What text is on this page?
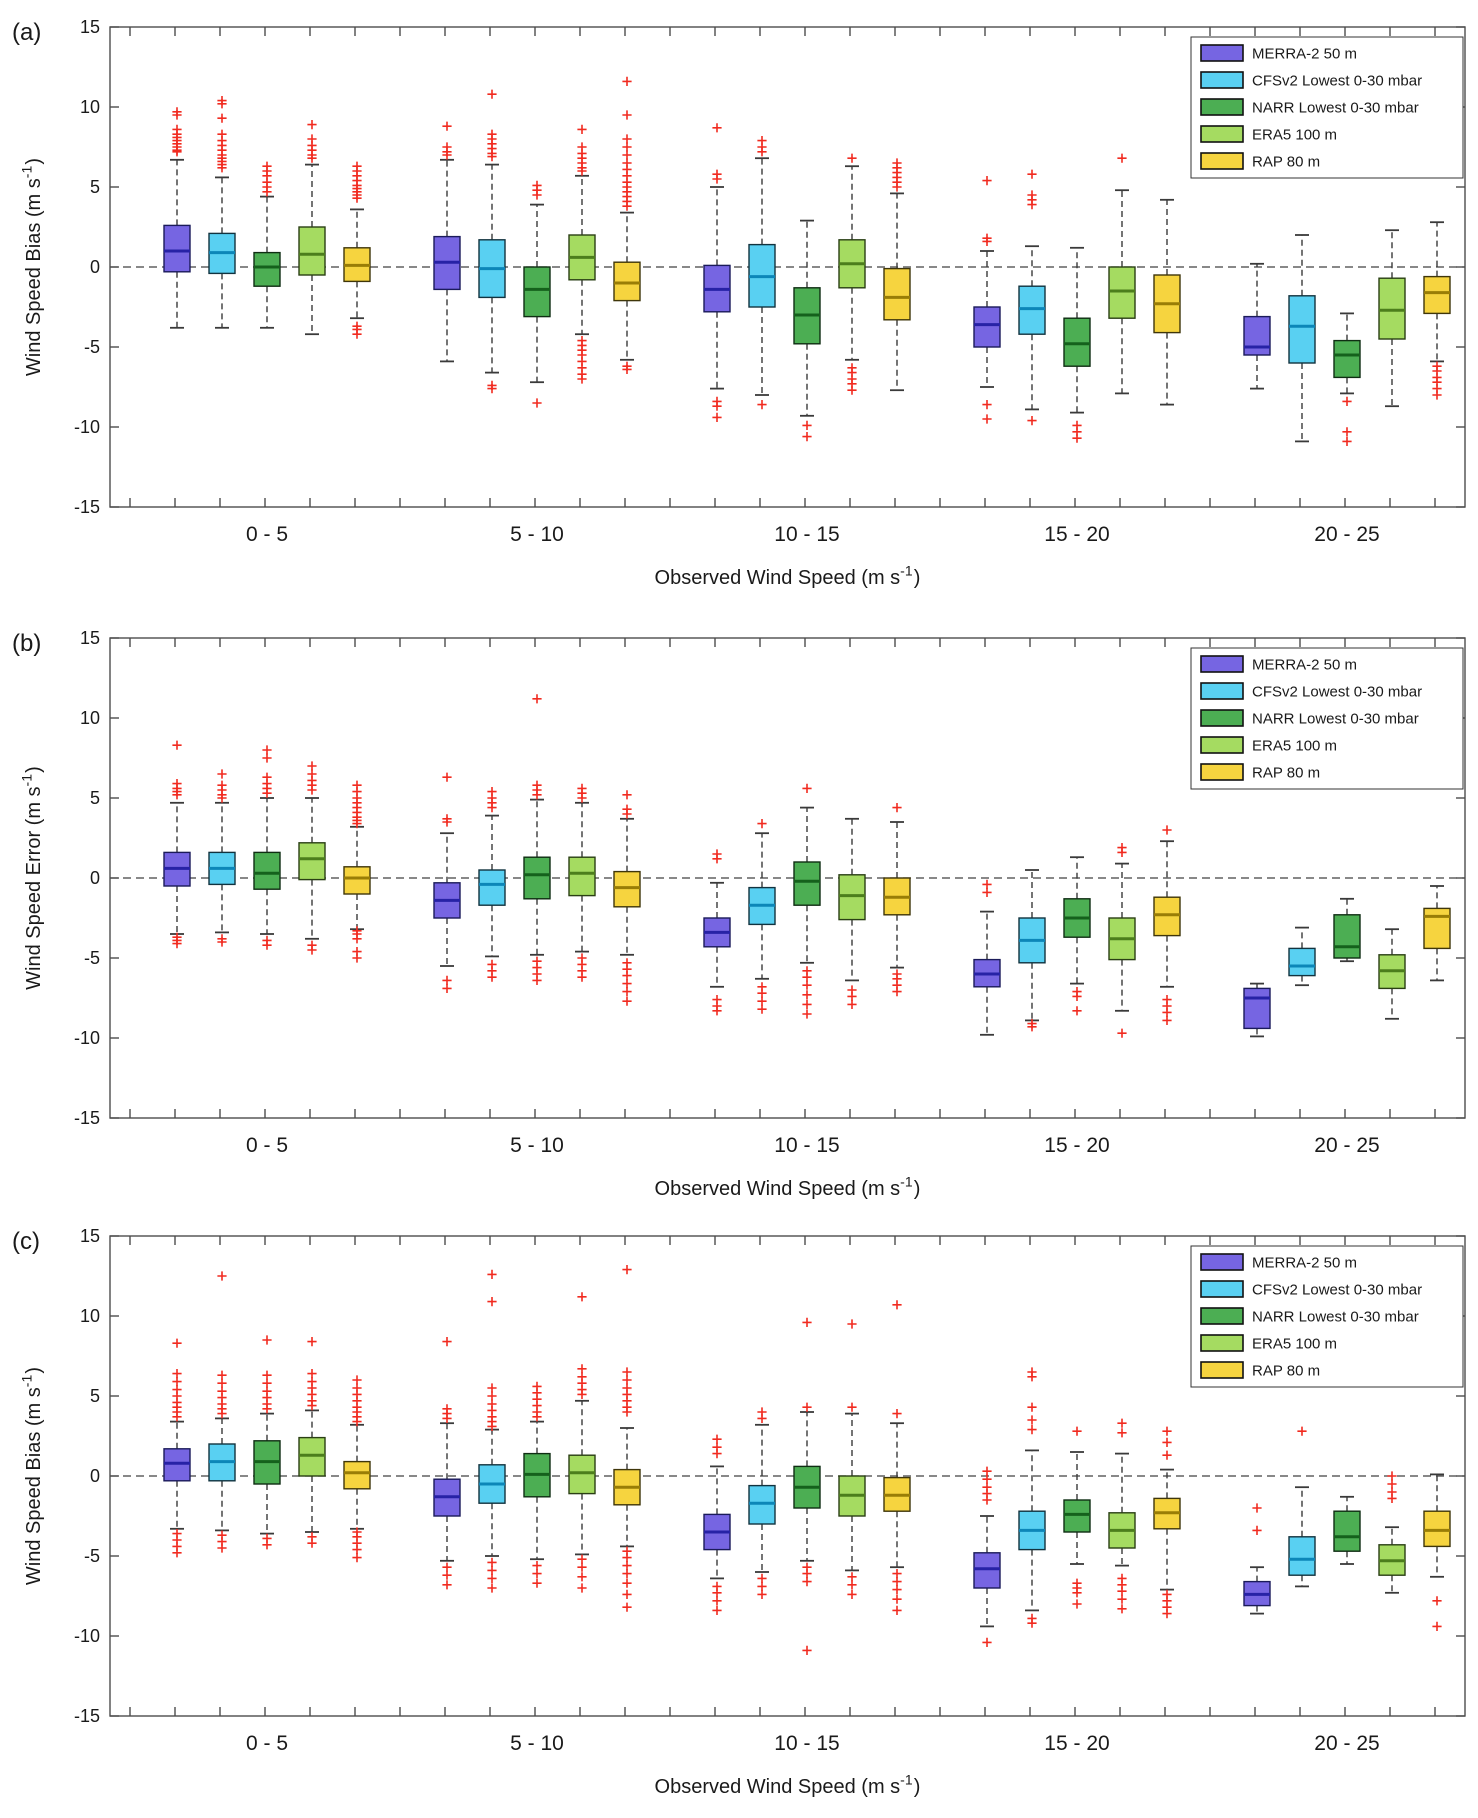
(a)
-15
-10
-5
0
5
10
15
0 - 5	5 - 10	10 - 15	15 - 20	20 - 25
Observed Wind Speed (m $s^{-1}$ )
Wind Speed Bias (m $s^{-1}$ )
MERRA-2 50 m
CFSv2 Lowest 0-30 mbar
NARR Lowest 0-30 mbar
ERA5 100 m
RAP 80 m
(b)
-15
-10
-5
0
5
10
15
0 - 5	5 - 10	10 - 15	15 - 20	20 - 25
Observed Wind Speed (m $s^{-1}$ )
Wind Speed Error (m $s^{-1}$ )
MERRA-2 50 m
CFSv2 Lowest 0-30 mbar
NARR Lowest 0-30 mbar
ERA5 100 m
RAP 80 m
(c)
-15
-10
-5
0
5
10
15
0 - 5	5 - 10	10 - 15	15 - 20	20 - 25
Observed Wind Speed (m $s^{-1}$ )
Wind Speed Bias (m $s^{-1}$ )
MERRA-2 50 m
CFSv2 Lowest 0-30 mbar
NARR Lowest 0-30 mbar
ERA5 100 m
RAP 80 m
